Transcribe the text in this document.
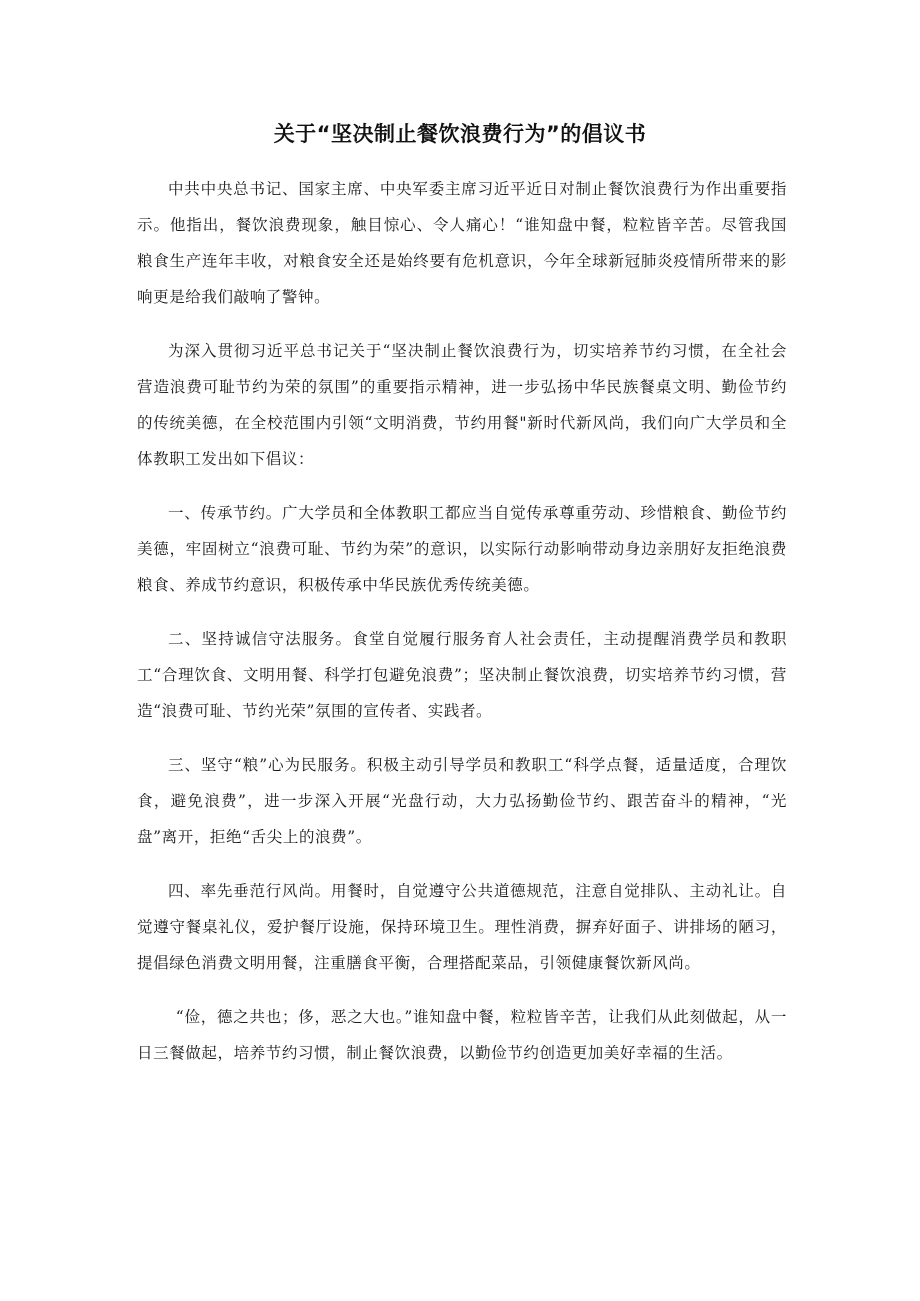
关于“坚决制止餐饮浪费行为”的倡议书

中共中央总书记、国家主席、中央军委主席习近平近日对制止餐饮浪费行为作出重要指示。他指出，餐饮浪费现象，触目惊心、令人痛心！“谁知盘中餐，粒粒皆辛苦。尽管我国粮食生产连年丰收，对粮食安全还是始终要有危机意识，今年全球新冠肺炎疫情所带来的影响更是给我们敲响了警钟。

为深入贯彻习近平总书记关于“坚决制止餐饮浪费行为，切实培养节约习惯，在全社会营造浪费可耻节约为荣的氛围”的重要指示精神，进一步弘扬中华民族餐桌文明、勤俭节约的传统美德，在全校范围内引领“文明消费，节约用餐"新时代新风尚，我们向广大学员和全体教职工发出如下倡议：

一、传承节约。广大学员和全体教职工都应当自觉传承尊重劳动、珍惜粮食、勤俭节约美德，牢固树立“浪费可耻、节约为荣”的意识，以实际行动影响带动身边亲朋好友拒绝浪费粮食、养成节约意识，积极传承中华民族优秀传统美德。

二、坚持诚信守法服务。食堂自觉履行服务育人社会责任，主动提醒消费学员和教职工“合理饮食、文明用餐、科学打包避免浪费”；坚决制止餐饮浪费，切实培养节约习惯，营造“浪费可耻、节约光荣”氛围的宣传者、实践者。

三、坚守“粮”心为民服务。积极主动引导学员和教职工“科学点餐，适量适度，合理饮食，避免浪费”，进一步深入开展“光盘行动，大力弘扬勤俭节约、跟苦奋斗的精神，“光盘”离开，拒绝“舌尖上的浪费”。

四、率先垂范行风尚。用餐时，自觉遵守公共道德规范，注意自觉排队、主动礼让。自觉遵守餐桌礼仪，爱护餐厅设施，保持环境卫生。理性消费，摒弃好面子、讲排场的陋习，提倡绿色消费文明用餐，注重膳食平衡，合理搭配菜品，引领健康餐饮新风尚。

“俭，德之共也；侈，恶之大也。”谁知盘中餐，粒粒皆辛苦，让我们从此刻做起，从一日三餐做起，培养节约习惯，制止餐饮浪费，以勤俭节约创造更加美好幸福的生活。
